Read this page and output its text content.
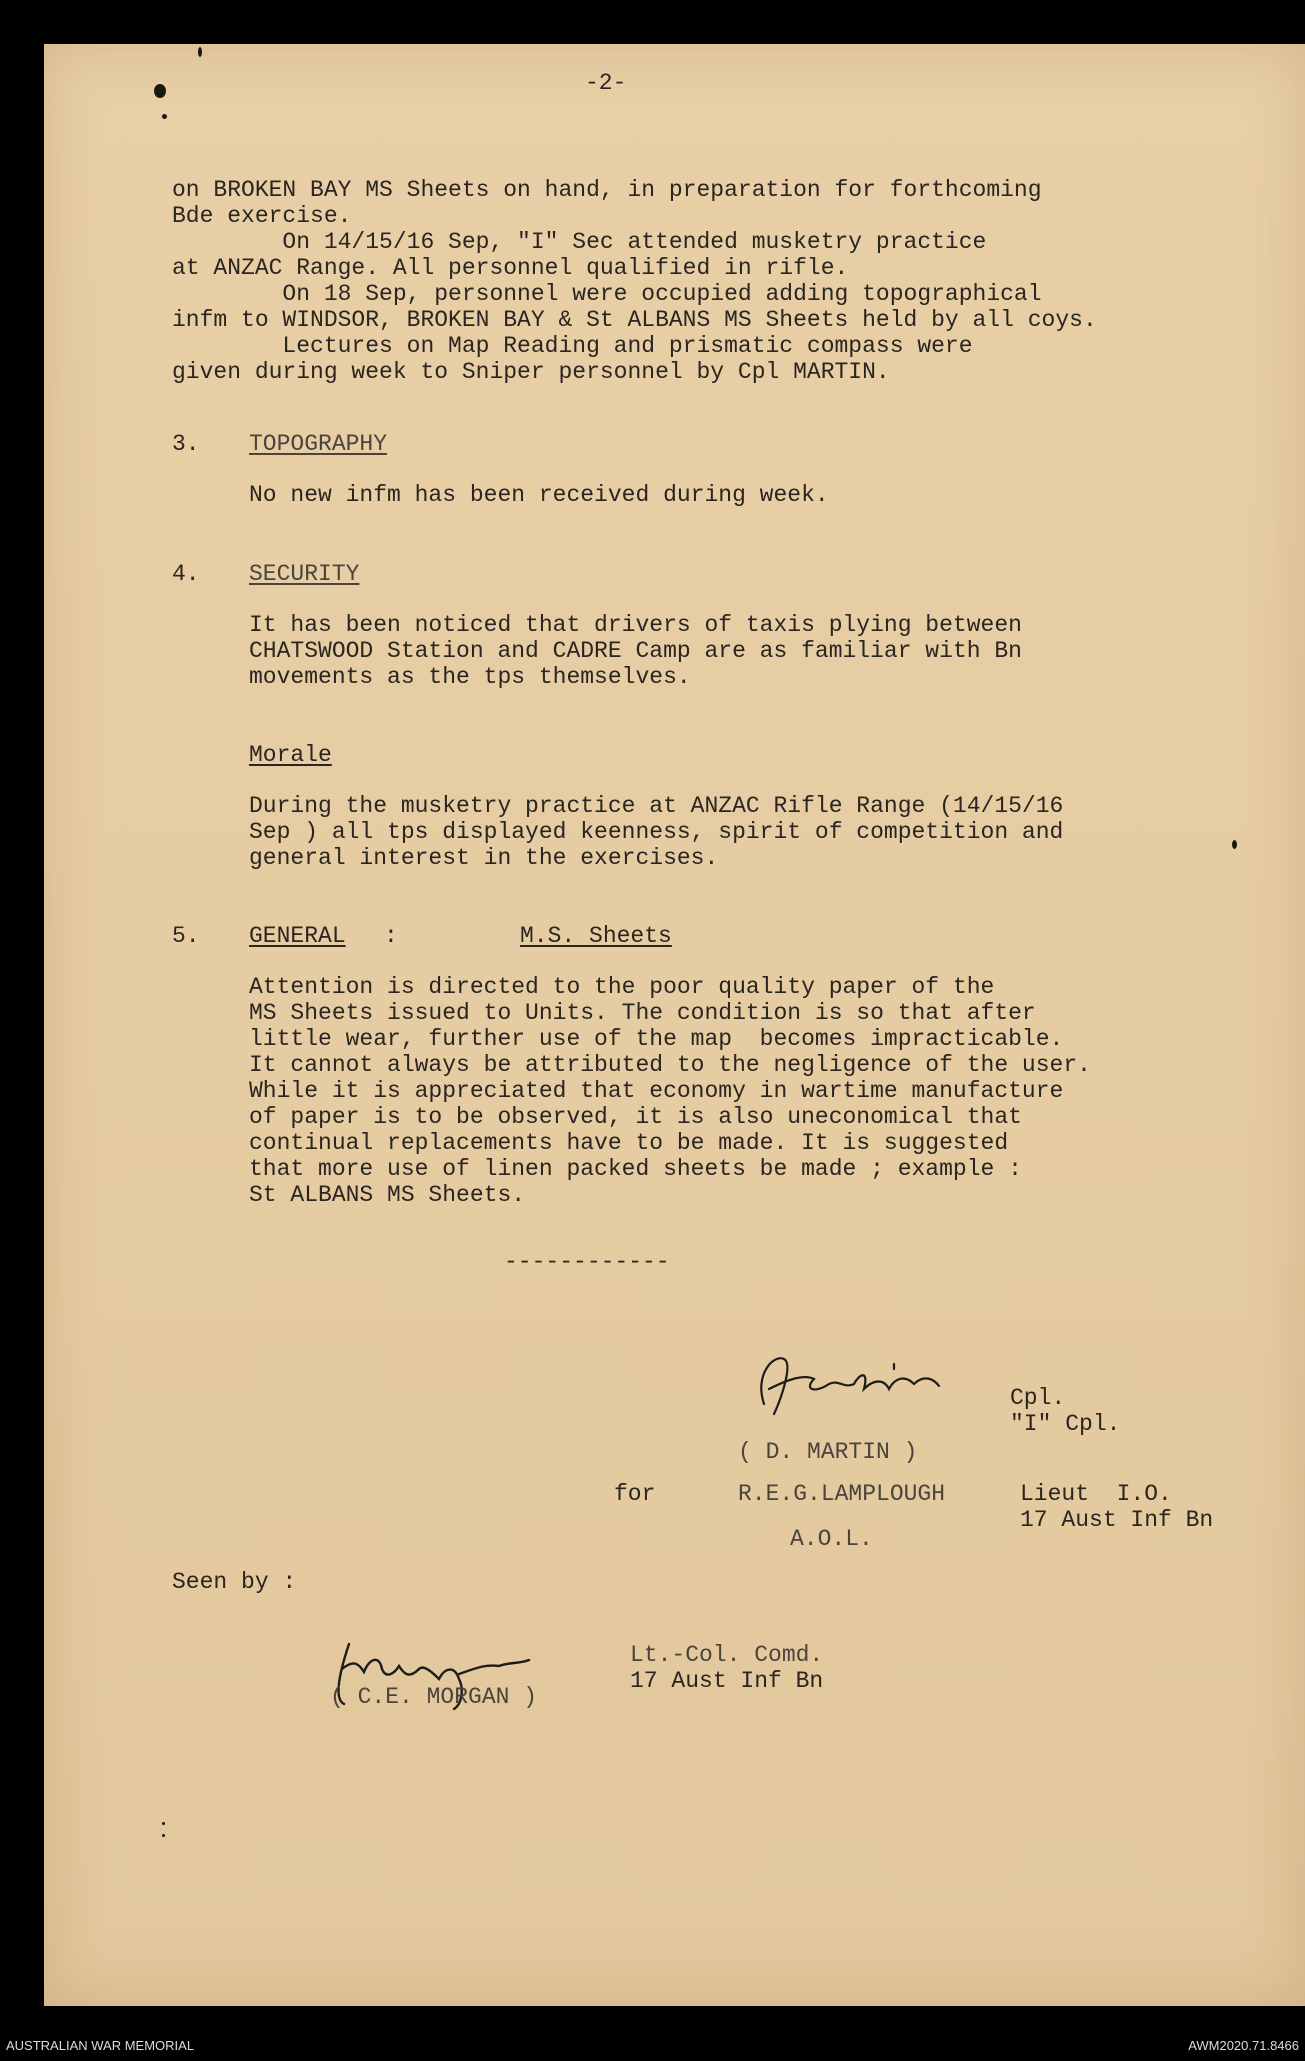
-2-
on BROKEN BAY MS Sheets on hand, in preparation for forthcoming
Bde exercise.
On 14/15/16 Sep, "I" Sec attended musketry practice
at ANZAC Range. All personnel qualified in rifle.
On 18 Sep, personnel were occupied adding topographical
infm to WINDSOR, BROKEN BAY & St ALBANS MS Sheets held by all coys.
Lectures on Map Reading and prismatic compass were
given during week to Sniper personnel by Cpl MARTIN.
3. TOPOGRAPHY
No new infm has been received during week.
4. SECURITY
It has been noticed that drivers of taxis plying between
CHATSWOOD Station and CADRE Camp are as familiar with Bn
movements as the tps themselves.
Morale
During the musketry practice at ANZAC Rifle Range (14/15/16
Sep ) all tps displayed keenness, spirit of competition and
general interest in the exercises.
5. GENERAL :	M.S. Sheets
Attention is directed to the poor quality paper of the
MS Sheets issued to Units. The condition is so that after
little wear, further use of the map  becomes impracticable.
It cannot always be attributed to the negligence of the user.
While it is appreciated that economy in wartime manufacture
of paper is to be observed, it is also uneconomical that
continual replacements have to be made. It is suggested
that more use of linen packed sheets be made ; example :
St ALBANS MS Sheets.
------------
Cpl.
"I" Cpl.
( D. MARTIN )
for	R.E.G.LAMPLOUGH	Lieut  I.O.
17 Aust Inf Bn
A.O.L.
Seen by :
( C.E. MORGAN )
Lt.-Col. Comd.
17 Aust Inf Bn
AUSTRALIAN WAR MEMORIAL	AWM2020.71.8466
